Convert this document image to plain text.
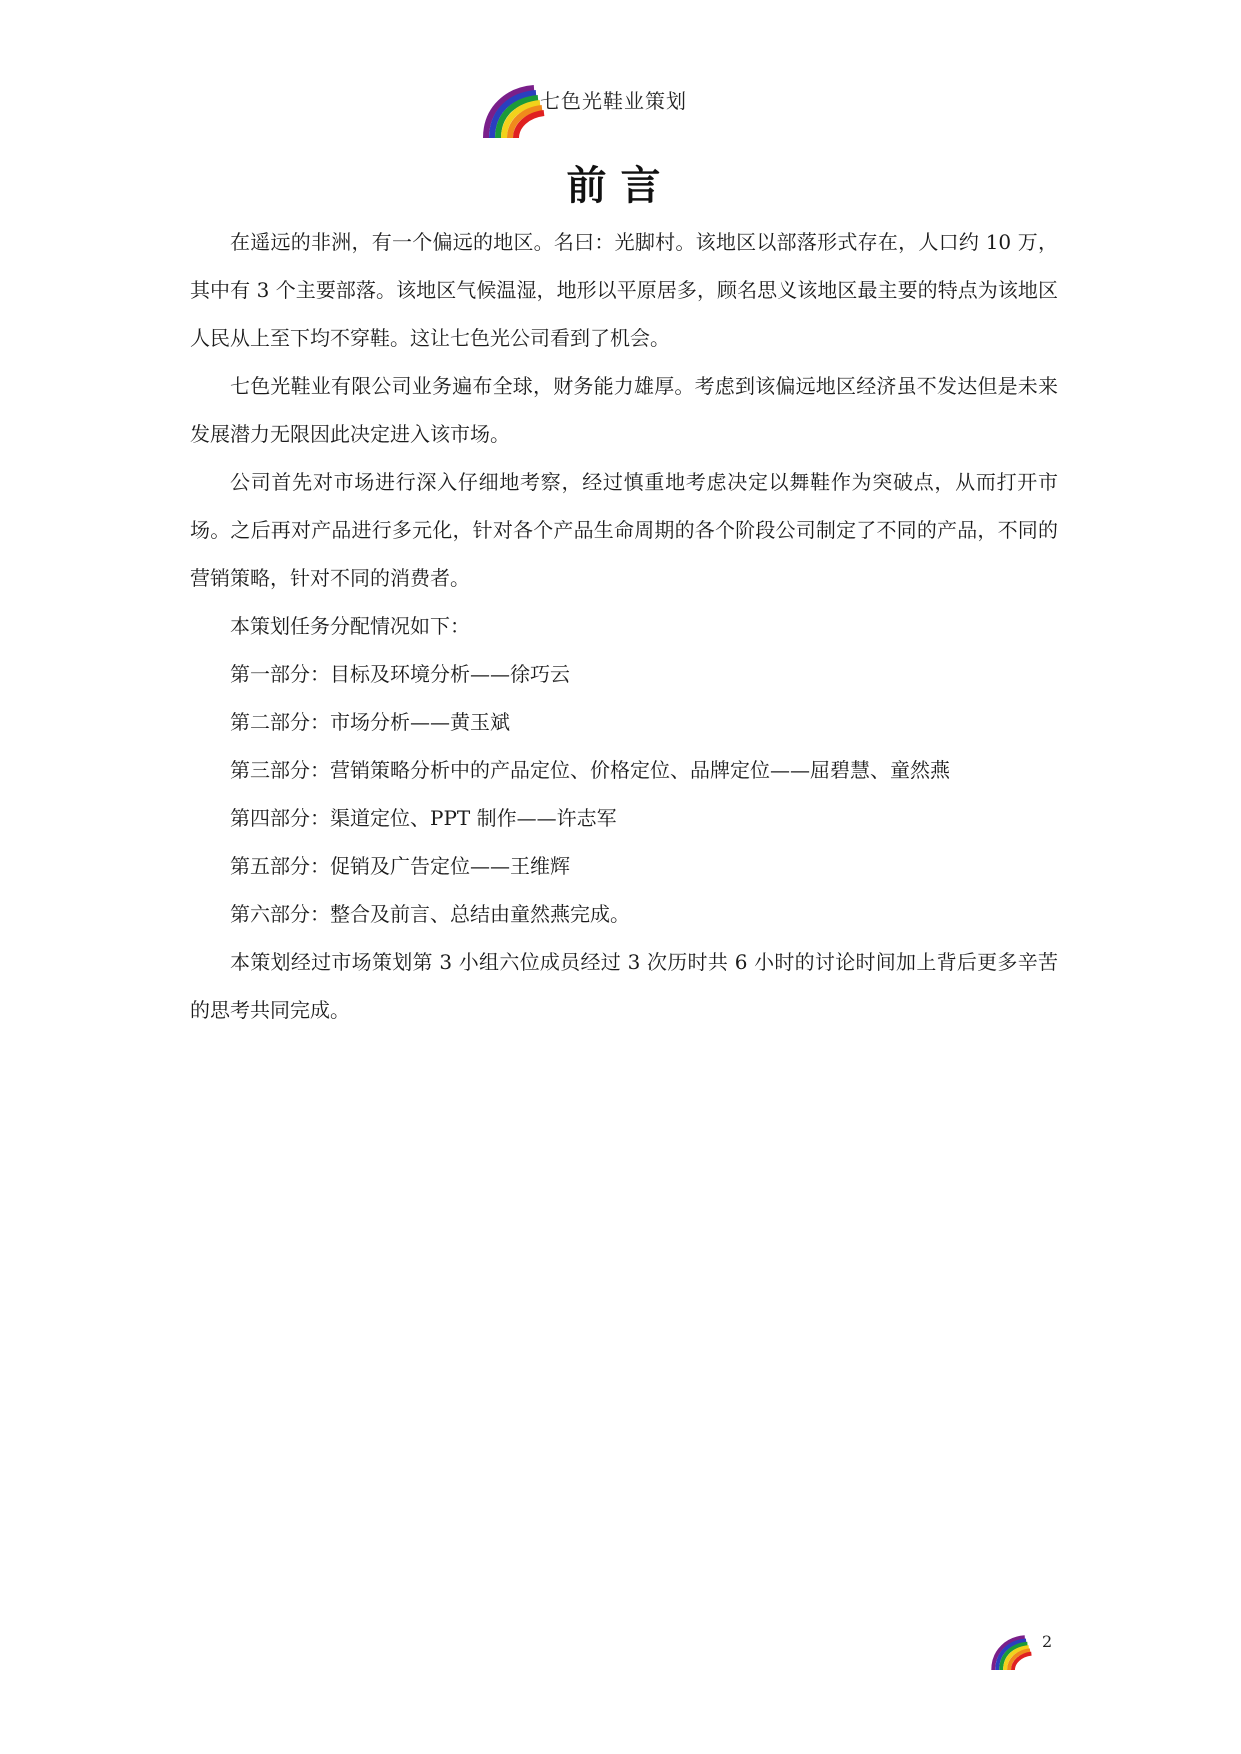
七色光鞋业策划
前言

在遥远的非洲，有一个偏远的地区。名曰：光脚村。该地区以部落形式存在，人口约 10 万，其中有 3 个主要部落。该地区气候温湿，地形以平原居多，顾名思义该地区最主要的特点为该地区人民从上至下均不穿鞋。这让七色光公司看到了机会。

七色光鞋业有限公司业务遍布全球，财务能力雄厚。考虑到该偏远地区经济虽不发达但是未来发展潜力无限因此决定进入该市场。

公司首先对市场进行深入仔细地考察，经过慎重地考虑决定以舞鞋作为突破点，从而打开市场。之后再对产品进行多元化，针对各个产品生命周期的各个阶段公司制定了不同的产品，不同的营销策略，针对不同的消费者。

本策划任务分配情况如下：

第一部分：目标及环境分析——徐巧云

第二部分：市场分析——黄玉斌

第三部分：营销策略分析中的产品定位、价格定位、品牌定位——屈碧慧、童然燕

第四部分：渠道定位、PPT 制作——许志军

第五部分：促销及广告定位——王维辉

第六部分：整合及前言、总结由童然燕完成。

本策划经过市场策划第 3 小组六位成员经过 3 次历时共 6 小时的讨论时间加上背后更多辛苦的思考共同完成。

2
